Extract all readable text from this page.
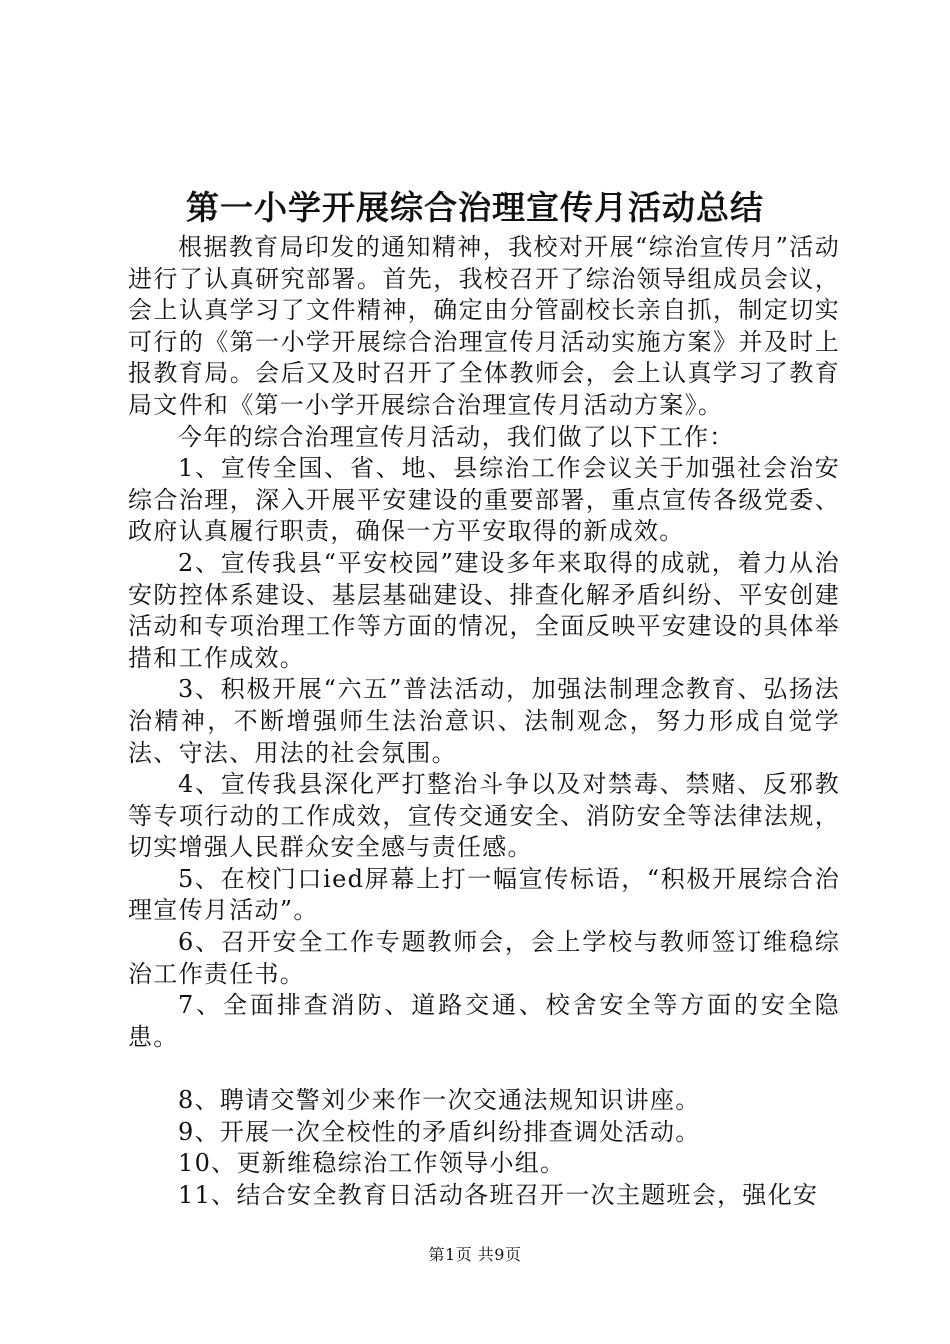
第一小学开展综合治理宣传月活动总结

根据教育局印发的通知精神，我校对开展“综治宣传月”活动进行了认真研究部署。首先，我校召开了综治领导组成员会议，会上认真学习了文件精神，确定由分管副校长亲自抓，制定切实可行的《第一小学开展综合治理宣传月活动实施方案》并及时上报教育局。会后又及时召开了全体教师会，会上认真学习了教育局文件和《第一小学开展综合治理宣传月活动方案》。

今年的综合治理宣传月活动，我们做了以下工作：

1、宣传全国、省、地、县综治工作会议关于加强社会治安综合治理，深入开展平安建设的重要部署，重点宣传各级党委、政府认真履行职责，确保一方平安取得的新成效。

2、宣传我县“平安校园”建设多年来取得的成就，着力从治安防控体系建设、基层基础建设、排查化解矛盾纠纷、平安创建活动和专项治理工作等方面的情况，全面反映平安建设的具体举措和工作成效。

3、积极开展“六五”普法活动，加强法制理念教育、弘扬法治精神，不断增强师生法治意识、法制观念，努力形成自觉学法、守法、用法的社会氛围。

4、宣传我县深化严打整治斗争以及对禁毒、禁赌、反邪教等专项行动的工作成效，宣传交通安全、消防安全等法律法规，切实增强人民群众安全感与责任感。

5、在校门口ied屏幕上打一幅宣传标语，“积极开展综合治理宣传月活动”。

6、召开安全工作专题教师会，会上学校与教师签订维稳综治工作责任书。

7、全面排查消防、道路交通、校舍安全等方面的安全隐患。

8、聘请交警刘少来作一次交通法规知识讲座。

9、开展一次全校性的矛盾纠纷排查调处活动。

10、更新维稳综治工作领导小组。

11、结合安全教育日活动各班召开一次主题班会，强化安

第1页 共9页
